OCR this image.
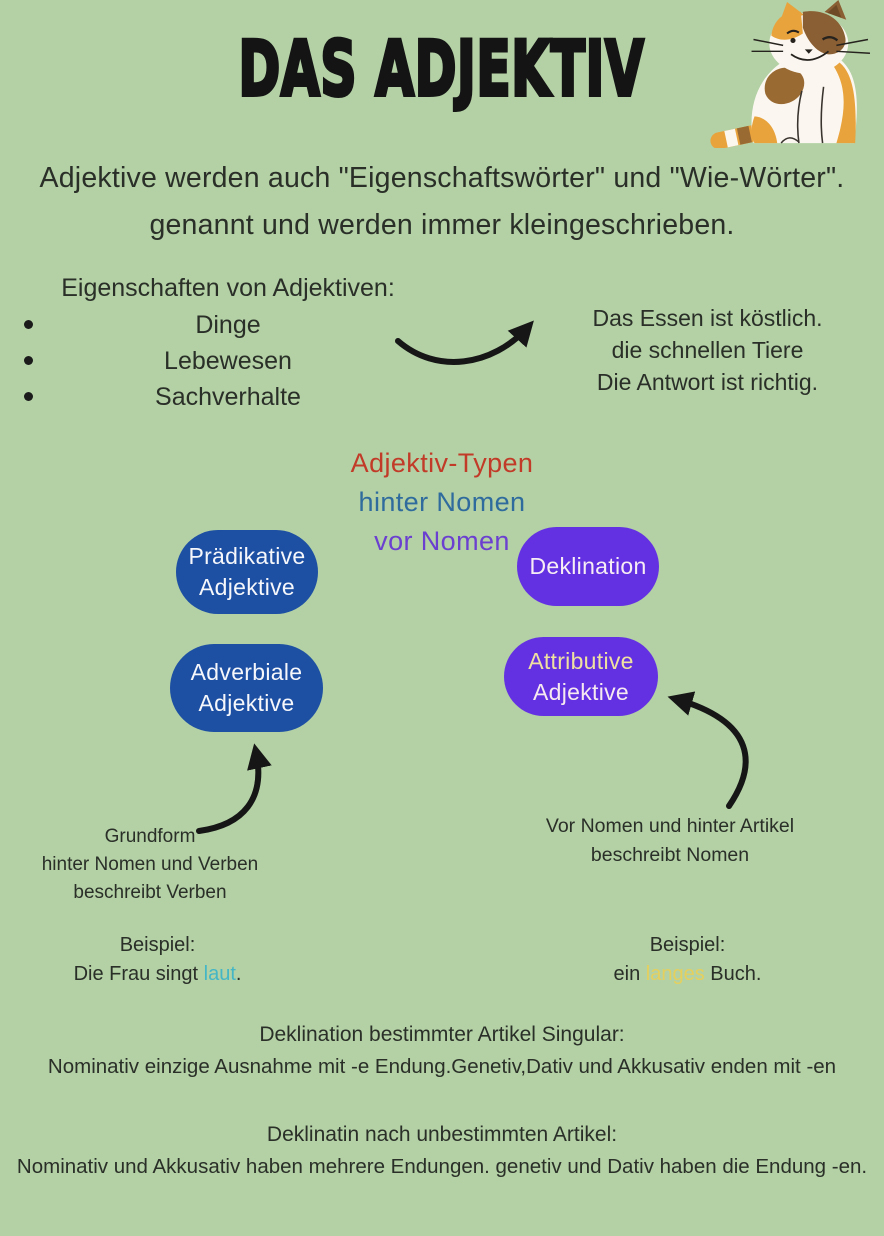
DAS ADJEKTIV
Adjektive werden auch "Eigenschaftswörter" und "Wie-Wörter".
genannt und werden immer kleingeschrieben.
Eigenschaften von Adjektiven:
Dinge
Lebewesen
Sachverhalte
Das Essen ist köstlich.
die schnellen Tiere
Die Antwort ist richtig.
Adjektiv-Typen
hinter Nomen
vor Nomen
Prädikative
Adjektive
Deklination
Adverbiale
Adjektive
Attributive
Adjektive
Grundform
hinter Nomen und Verben
beschreibt Verben
Vor Nomen und hinter Artikel
beschreibt Nomen
Beispiel:
Die Frau singt laut.
Beispiel:
ein langes Buch.
Deklination bestimmter Artikel Singular:
Nominativ einzige Ausnahme mit -e Endung.Genetiv,Dativ und Akkusativ enden mit -en
Deklinatin nach unbestimmten Artikel:
Nominativ und Akkusativ haben mehrere Endungen. genetiv und Dativ haben die Endung -en.
